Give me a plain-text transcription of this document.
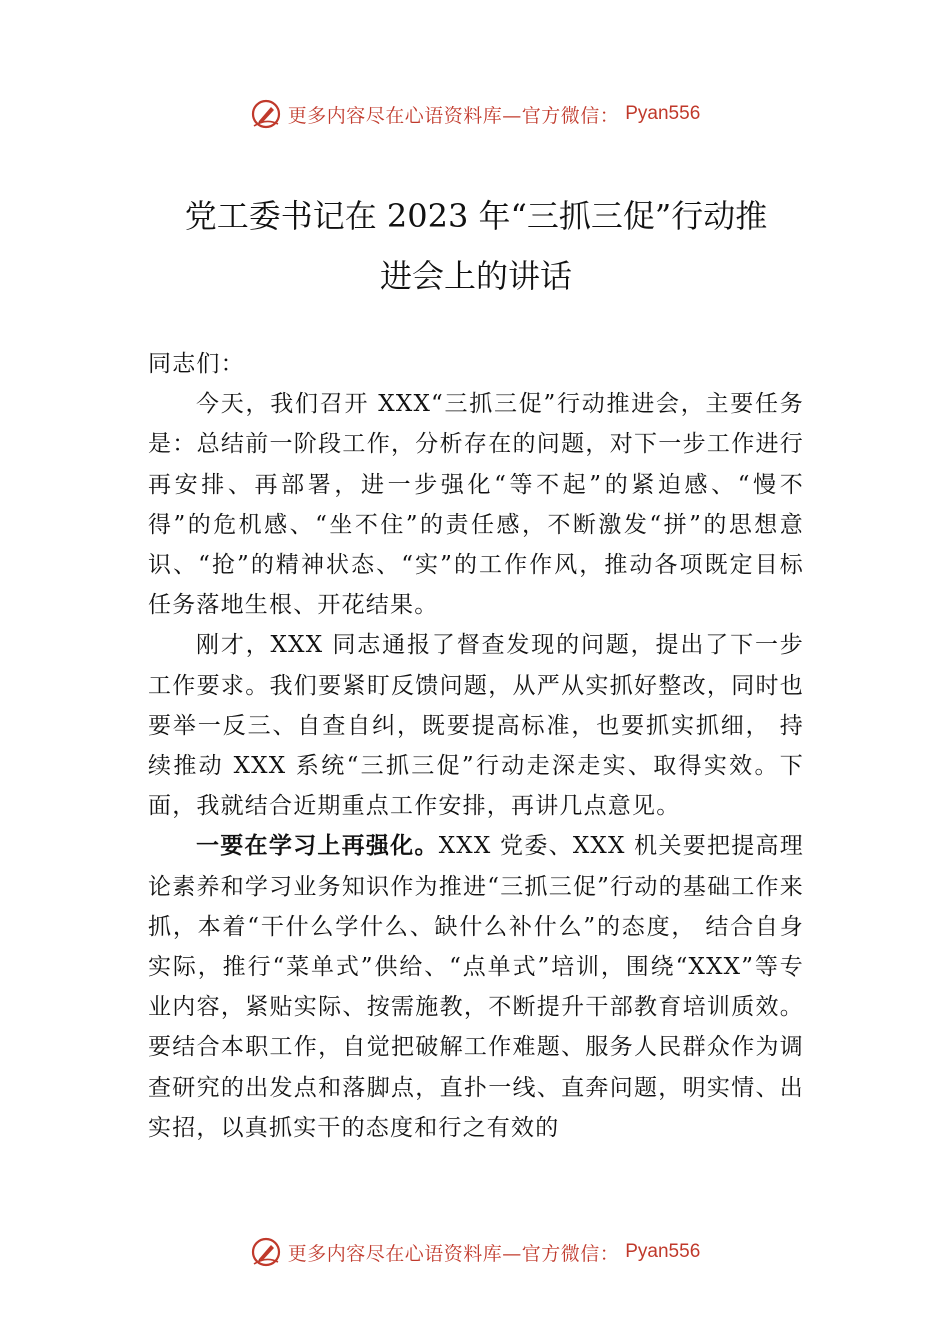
更多内容尽在心语资料库—官方微信： Pyan556
党工委书记在 2023 年“三抓三促”行动推
进会上的讲话

同志们：

今天，我们召开 XXX“三抓三促”行动推进会，主要任务是：总结前一阶段工作，分析存在的问题，对下一步工作进行再安排、再部署，进一步强化“等不起”的紧迫感、“慢不得”的危机感、“坐不住”的责任感，不断激发“拼”的思想意识、“抢”的精神状态、“实”的工作作风，推动各项既定目标任务落地生根、开花结果。

刚才，XXX 同志通报了督查发现的问题，提出了下一步工作要求。我们要紧盯反馈问题，从严从实抓好整改，同时也要举一反三、自查自纠，既要提高标准，也要抓实抓细， 持续推动 XXX 系统“三抓三促”行动走深走实、取得实效。下面，我就结合近期重点工作安排，再讲几点意见。

一要在学习上再强化。XXX 党委、XXX 机关要把提高理论素养和学习业务知识作为推进“三抓三促”行动的基础工作来抓，本着“干什么学什么、缺什么补什么”的态度， 结合自身实际，推行“菜单式”供给、“点单式”培训，围绕“XXX”等专业内容，紧贴实际、按需施教，不断提升干部教育培训质效。要结合本职工作，自觉把破解工作难题、服务人民群众作为调查研究的出发点和落脚点，直扑一线、直奔问题，明实情、出实招，以真抓实干的态度和行之有效的

更多内容尽在心语资料库—官方微信： Pyan556
